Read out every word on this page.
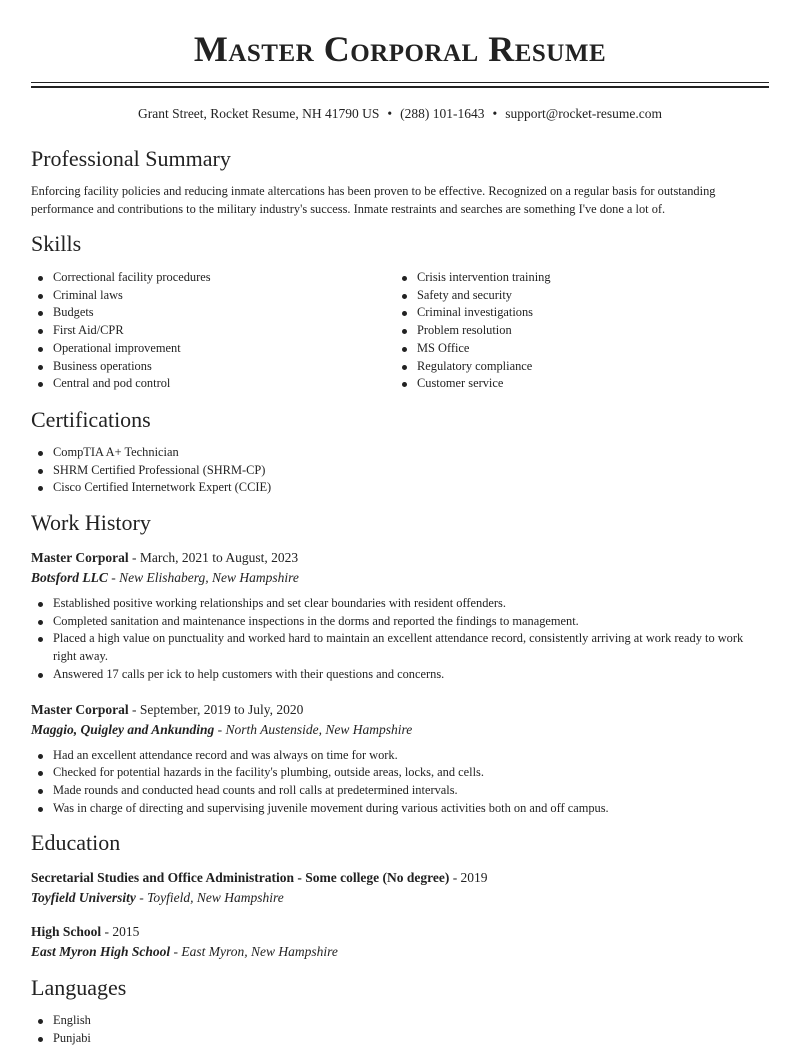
Master Corporal Resume
Grant Street, Rocket Resume, NH 41790 US • (288) 101-1643 • support@rocket-resume.com
Professional Summary

Enforcing facility policies and reducing inmate altercations has been proven to be effective. Recognized on a regular basis for outstanding performance and contributions to the military industry's success. Inmate restraints and searches are something I've done a lot of.

Skills
Correctional facility procedures
Criminal laws
Budgets
First Aid/CPR
Operational improvement
Business operations
Central and pod control
Crisis intervention training
Safety and security
Criminal investigations
Problem resolution
MS Office
Regulatory compliance
Customer service
Certifications
CompTIA A+ Technician
SHRM Certified Professional (SHRM-CP)
Cisco Certified Internetwork Expert (CCIE)
Work History
Master Corporal - March, 2021 to August, 2023
Botsford LLC - New Elishaberg, New Hampshire
Established positive working relationships and set clear boundaries with resident offenders.
Completed sanitation and maintenance inspections in the dorms and reported the findings to management.
Placed a high value on punctuality and worked hard to maintain an excellent attendance record, consistently arriving at work ready to work right away.
Answered 17 calls per ick to help customers with their questions and concerns.
Master Corporal - September, 2019 to July, 2020
Maggio, Quigley and Ankunding - North Austenside, New Hampshire
Had an excellent attendance record and was always on time for work.
Checked for potential hazards in the facility's plumbing, outside areas, locks, and cells.
Made rounds and conducted head counts and roll calls at predetermined intervals.
Was in charge of directing and supervising juvenile movement during various activities both on and off campus.
Education
Secretarial Studies and Office Administration - Some college (No degree) - 2019
Toyfield University - Toyfield, New Hampshire
High School - 2015
East Myron High School - East Myron, New Hampshire
Languages
English
Punjabi
